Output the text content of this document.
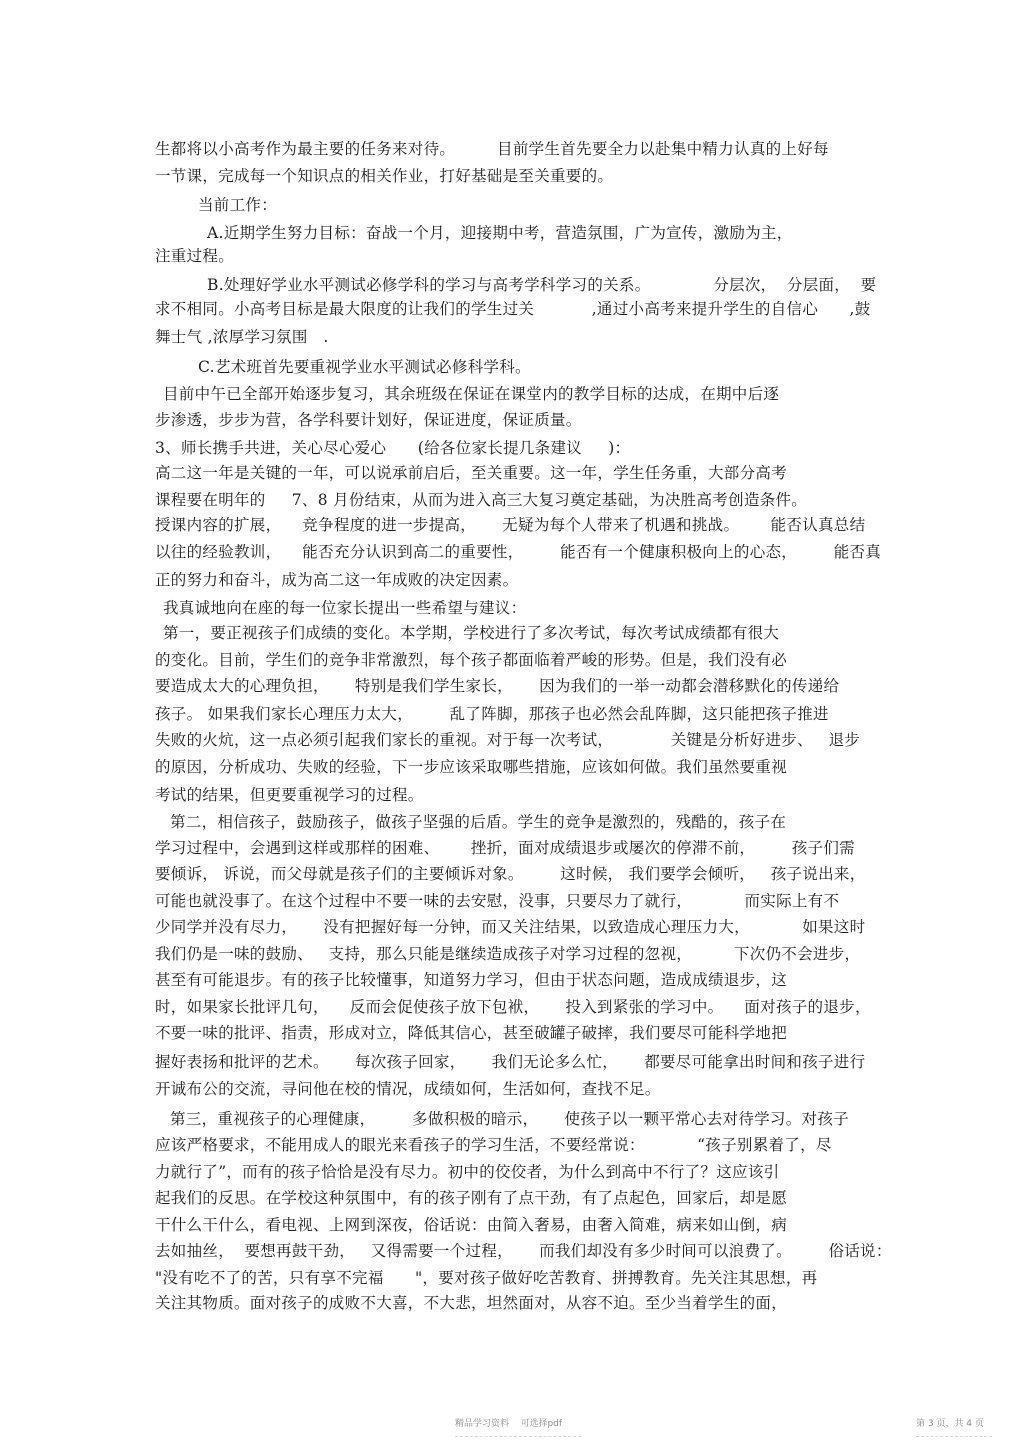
生都将以小高考作为最主要的任务来对待。        目前学生首先要全力以赴集中精力认真的上好每
一节课，完成每一个知识点的相关作业，打好基础是至关重要的。
当前工作：
A.近期学生努力目标：奋战一个月，迎接期中考，营造氛围，广为宣传，激励为主，
注重过程。
B.处理好学业水平测试必修学科的学习与高考学科学习的关系。            分层次，  分层面，  要
求不相同。小高考目标是最大限度的让我们的学生过关           ,通过小高考来提升学生的自信心      ,鼓
舞士气 ,浓厚学习氛围   .
C.艺术班首先要重视学业水平测试必修科学科。
目前中午已全部开始逐步复习，其余班级在保证在课堂内的教学目标的达成，在期中后逐
步渗透，步步为营，各学科要计划好，保证进度，保证质量。
3、师长携手共进，关心尽心爱心      (给各位家长提几条建议     )：
高二这一年是关键的一年，可以说承前启后，至关重要。这一年，学生任务重，大部分高考
课程要在明年的     7、8 月份结束，从而为进入高三大复习奠定基础，为决胜高考创造条件。
授课内容的扩展，    竞争程度的进一步提高，     无疑为每个人带来了机遇和挑战。      能否认真总结
以往的经验教训，    能否充分认识到高二的重要性，       能否有一个健康积极向上的心态，       能否真
正的努力和奋斗，成为高二这一年成败的决定因素。
我真诚地向在座的每一位家长提出一些希望与建议：
第一，要正视孩子们成绩的变化。本学期，学校进行了多次考试，每次考试成绩都有很大
的变化。目前，学生们的竞争非常激烈，每个孩子都面临着严峻的形势。但是，我们没有必
要造成太大的心理负担，     特别是我们学生家长，     因为我们的一举一动都会潜移默化的传递给
孩子。 如果我们家长心理压力太大，       乱了阵脚，那孩子也必然会乱阵脚，这只能把孩子推进
失败的火炕，这一点必须引起我们家长的重视。对于每一次考试，           关键是分析好进步、   退步
的原因，分析成功、失败的经验，下一步应该采取哪些措施，应该如何做。我们虽然要重视
考试的结果，但更要重视学习的过程。
第二，相信孩子，鼓励孩子，做孩子坚强的后盾。学生的竞争是激烈的，残酷的，孩子在
学习过程中，会遇到这样或那样的困难、      挫折，面对成绩退步或屡次的停滞不前，       孩子们需
要倾诉， 诉说，而父母就是孩子们的主要倾诉对象。       这时候， 我们要学会倾听，   孩子说出来，
可能也就没事了。在这个过程中不要一味的去安慰，没事，只要尽力了就行，          而实际上有不
少同学并没有尽力，     没有把握好每一分钟，而又关注结果，以致造成心理压力大，          如果这时
我们仍是一味的鼓励、   支持，那么只能是继续造成孩子对学习过程的忽视，        下次仍不会进步，
甚至有可能退步。有的孩子比较懂事，知道努力学习，但由于状态问题，造成成绩退步，这
时，如果家长批评几句，    反而会促使孩子放下包袱，     投入到紧张的学习中。    面对孩子的退步，
不要一味的批评、指责，形成对立，降低其信心，甚至破罐子破摔，我们要尽可能科学地把
握好表扬和批评的艺术。     每次孩子回家，     我们无论多么忙，     都要尽可能拿出时间和孩子进行
开诚布公的交流，寻问他在校的情况，成绩如何，生活如何，查找不足。
第三，重视孩子的心理健康，       多做积极的暗示，     使孩子以一颗平常心去对待学习。对孩子
应该严格要求，不能用成人的眼光来看孩子的学习生活，不要经常说：          “孩子别累着了，尽
力就行了”，而有的孩子恰恰是没有尽力。初中的佼佼者，为什么到高中不行了？这应该引
起我们的反思。在学校这种氛围中，有的孩子刚有了点干劲，有了点起色，回家后，却是愿
干什么干什么，看电视、上网到深夜，俗话说：由简入奢易，由奢入简难，病来如山倒，病
去如抽丝，  要想再鼓干劲，   又得需要一个过程，     而我们却没有多少时间可以浪费了。       俗话说：
"没有吃不了的苦，只有享不完福      "，要对孩子做好吃苦教育、拼搏教育。先关注其思想，再
关注其物质。面对孩子的成败不大喜，不大悲，坦然面对，从容不迫。至少当着学生的面，
精品学习资料    可选择pdf	第 3 页，共 4 页
